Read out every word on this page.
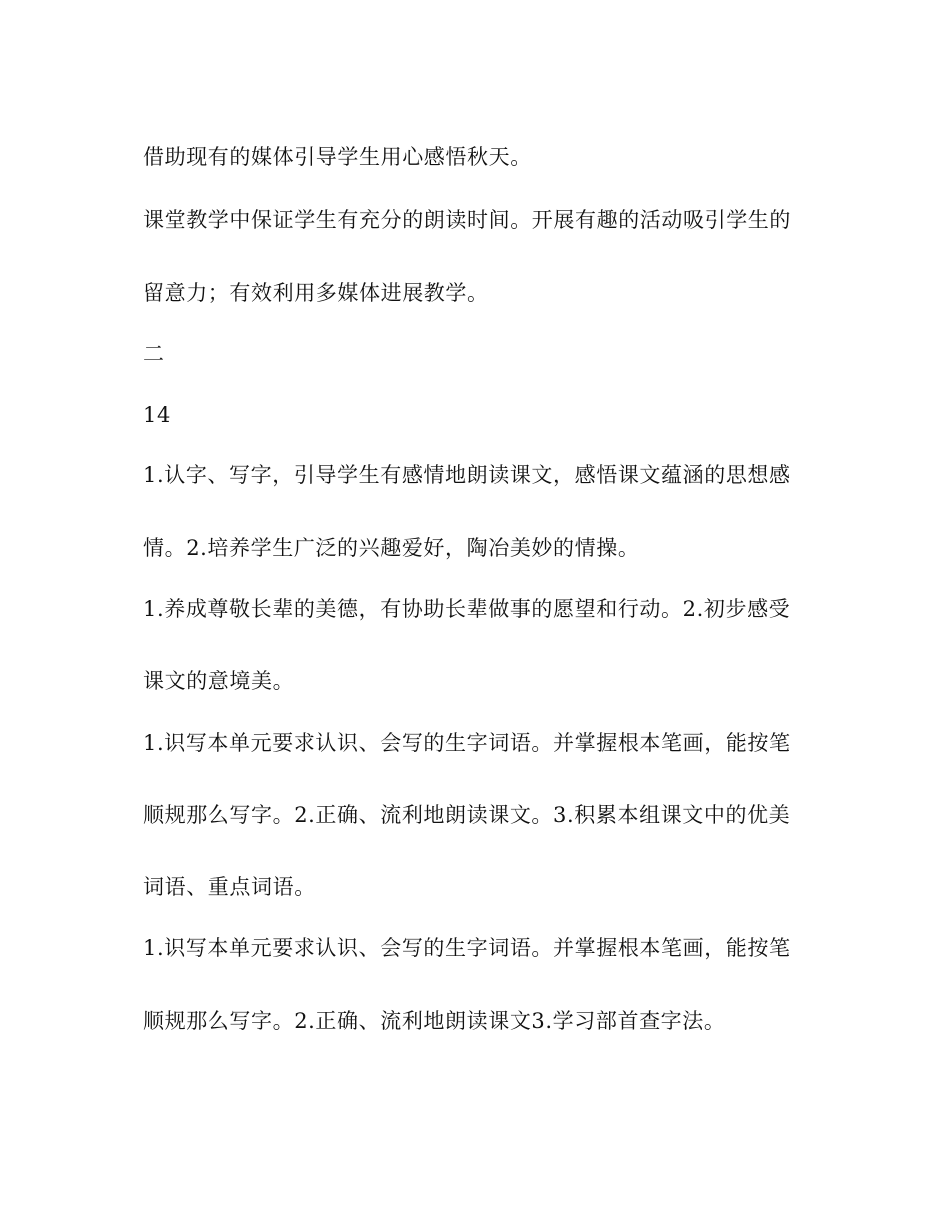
借助现有的媒体引导学生用心感悟秋天。
课堂教学中保证学生有充分的朗读时间。开展有趣的活动吸引学生的
留意力；有效利用多媒体进展教学。
二
14
1.认字、写字，引导学生有感情地朗读课文，感悟课文蕴涵的思想感
情。2.培养学生广泛的兴趣爱好，陶冶美妙的情操。
1.养成尊敬长辈的美德，有协助长辈做事的愿望和行动。2.初步感受
课文的意境美。
1.识写本单元要求认识、会写的生字词语。并掌握根本笔画，能按笔
顺规那么写字。2.正确、流利地朗读课文。3.积累本组课文中的优美
词语、重点词语。
1.识写本单元要求认识、会写的生字词语。并掌握根本笔画，能按笔
顺规那么写字。2.正确、流利地朗读课文3.学习部首查字法。
